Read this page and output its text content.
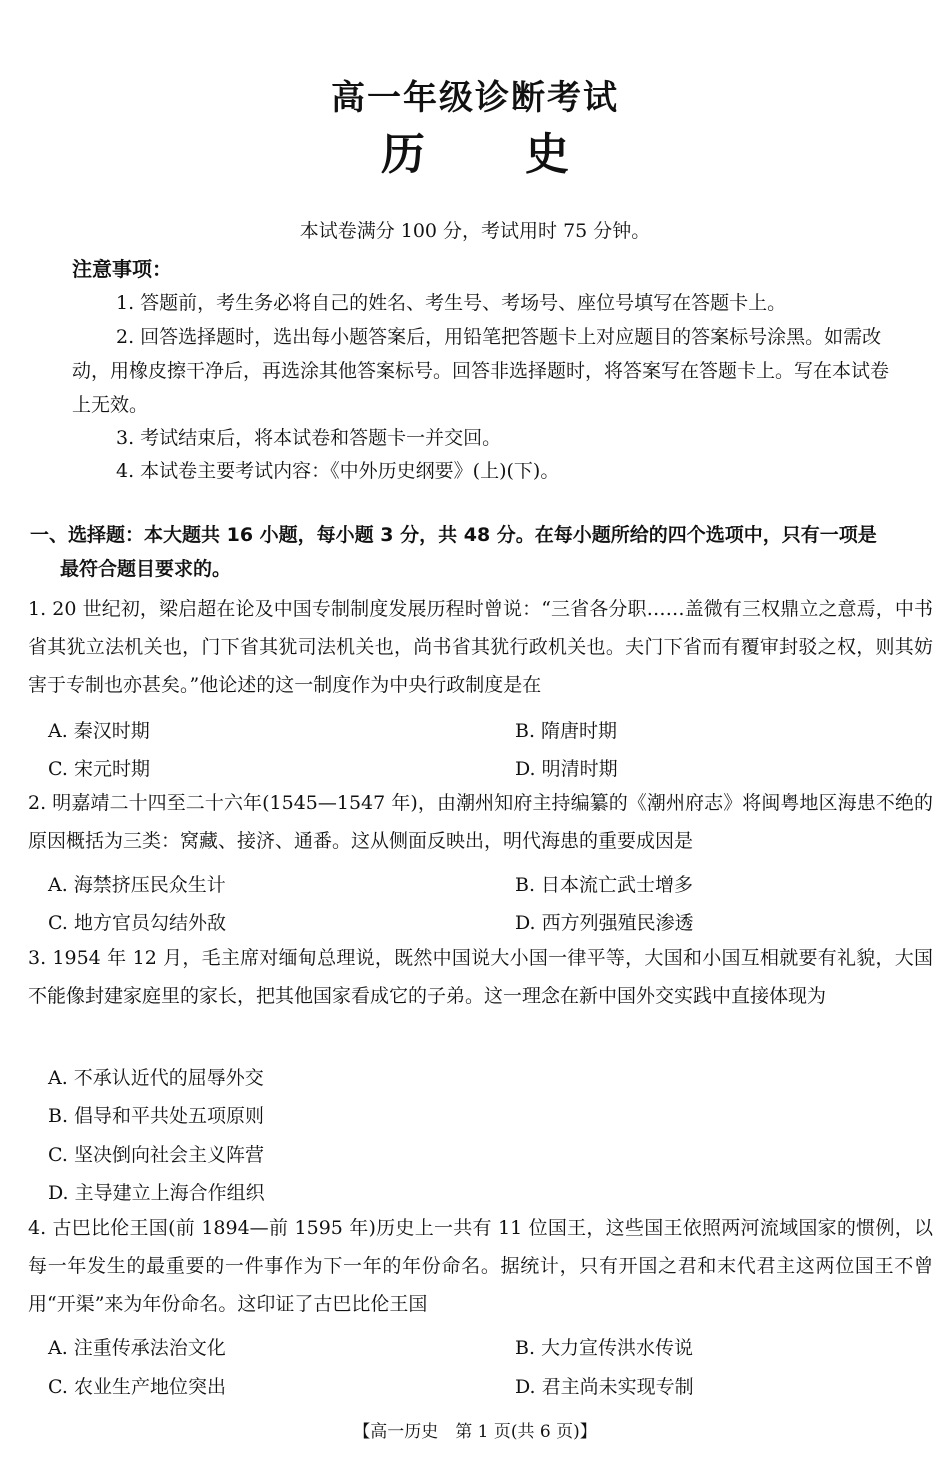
高一年级诊断考试
历 史
本试卷满分 100 分，考试用时 75 分钟。
注意事项：
1. 答题前，考生务必将自己的姓名、考生号、考场号、座位号填写在答题卡上。
2. 回答选择题时，选出每小题答案后，用铅笔把答题卡上对应题目的答案标号涂黑。如需改动，用橡皮擦干净后，再选涂其他答案标号。回答非选择题时，将答案写在答题卡上。写在本试卷上无效。
3. 考试结束后，将本试卷和答题卡一并交回。
4. 本试卷主要考试内容：《中外历史纲要》(上)(下)。
一、选择题：本大题共 16 小题，每小题 3 分，共 48 分。在每小题所给的四个选项中，只有一项是
最符合题目要求的。
1. 20 世纪初，梁启超在论及中国专制制度发展历程时曾说：“三省各分职……盖微有三权鼎立之意焉，中书省其犹立法机关也，门下省其犹司法机关也，尚书省其犹行政机关也。夫门下省而有覆审封驳之权，则其妨害于专制也亦甚矣。”他论述的这一制度作为中央行政制度是在
A. 秦汉时期	B. 隋唐时期
C. 宋元时期	D. 明清时期
2. 明嘉靖二十四至二十六年(1545—1547 年)，由潮州知府主持编纂的《潮州府志》将闽粤地区海患不绝的原因概括为三类：窝藏、接济、通番。这从侧面反映出，明代海患的重要成因是
A. 海禁挤压民众生计	B. 日本流亡武士增多
C. 地方官员勾结外敌	D. 西方列强殖民渗透
3. 1954 年 12 月，毛主席对缅甸总理说，既然中国说大小国一律平等，大国和小国互相就要有礼貌，大国不能像封建家庭里的家长，把其他国家看成它的子弟。这一理念在新中国外交实践中直接体现为
A. 不承认近代的屈辱外交
B. 倡导和平共处五项原则
C. 坚决倒向社会主义阵营
D. 主导建立上海合作组织
4. 古巴比伦王国(前 1894—前 1595 年)历史上一共有 11 位国王，这些国王依照两河流域国家的惯例，以每一年发生的最重要的一件事作为下一年的年份命名。据统计，只有开国之君和末代君主这两位国王不曾用“开渠”来为年份命名。这印证了古巴比伦王国
A. 注重传承法治文化	B. 大力宣传洪水传说
C. 农业生产地位突出	D. 君主尚未实现专制
【高一历史　第 1 页(共 6 页)】
